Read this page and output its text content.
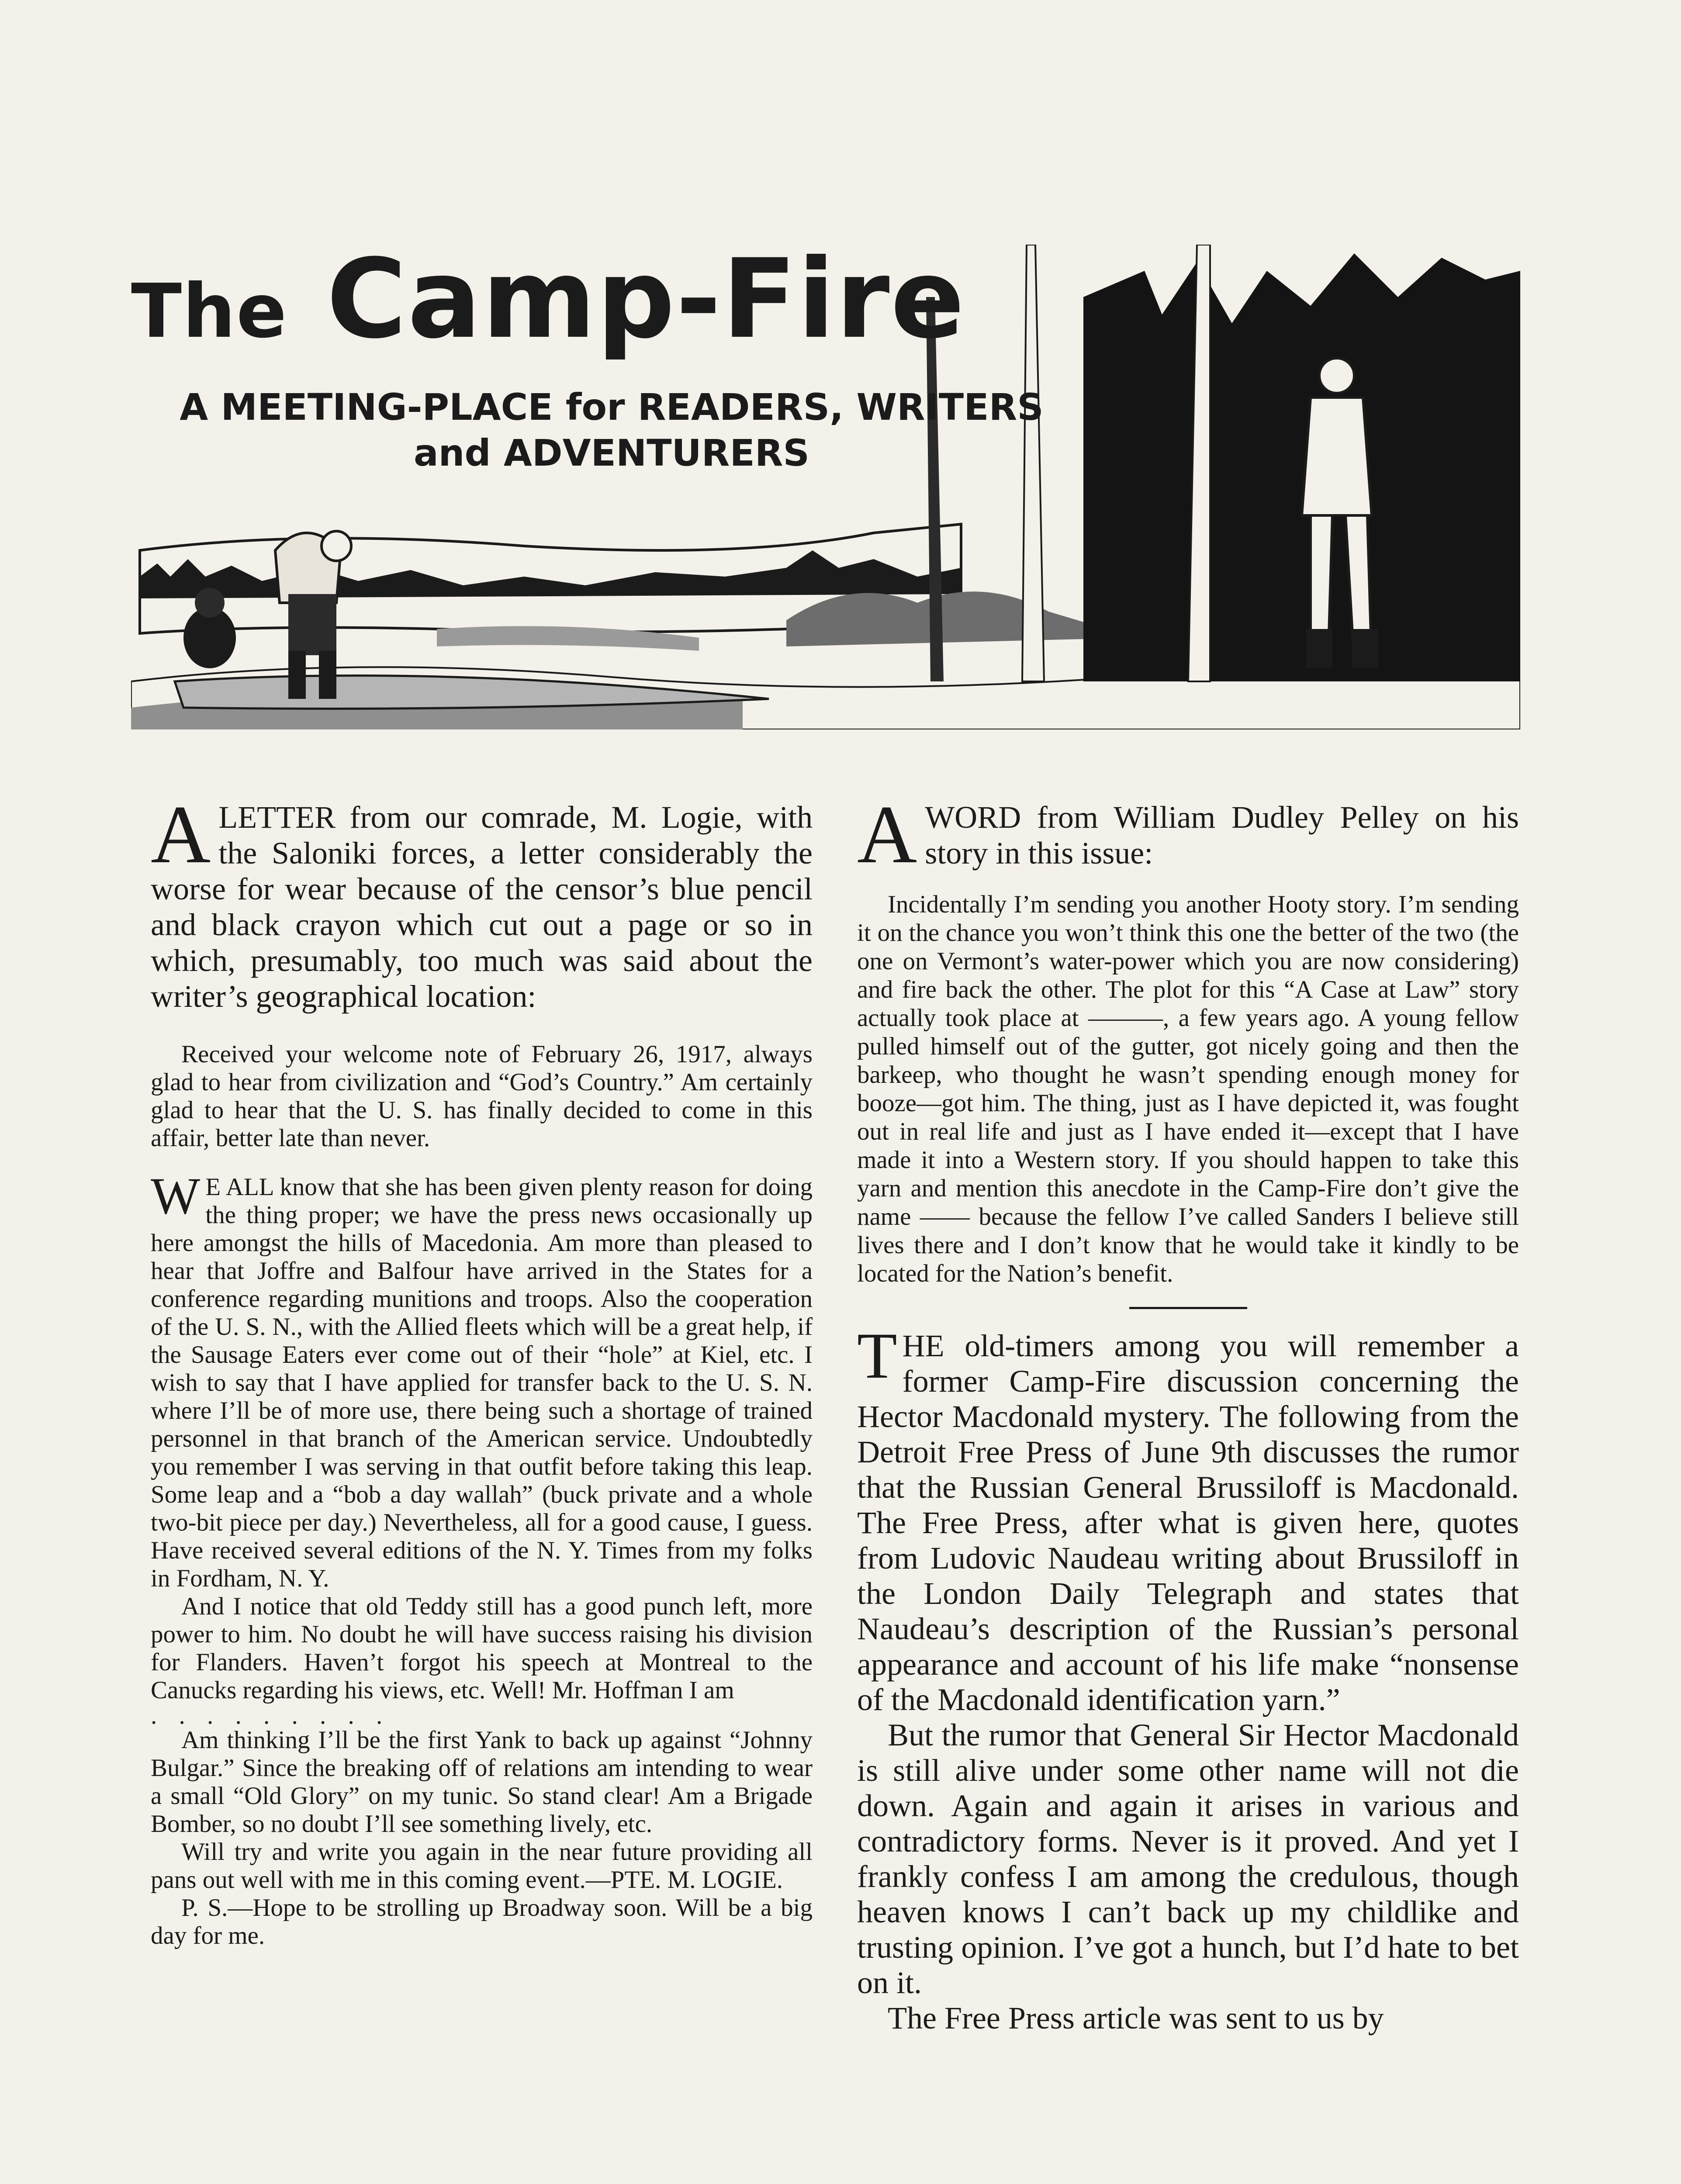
The Camp-Fire
A MEETING-PLACE for READERS, WRITERS
and ADVENTURERS

ALETTER from our comrade, M. Logie, with the Saloniki forces, a letter considerably the worse for wear because of the censor’s blue pencil and black crayon which cut out a page or so in which, presumably, too much was said about the writer’s geographical location:

Received your welcome note of February 26, 1917, always glad to hear from civilization and “God’s Country.” Am certainly glad to hear that the U. S. has finally decided to come in this affair, better late than never.

W E ALL know that she has been given plenty reason for doing the thing proper; we have the press news occasionally up here amongst the hills of Macedonia. Am more than pleased to hear that Joffre and Balfour have arrived in the States for a conference regarding munitions and troops. Also the cooperation of the U. S. N., with the Allied fleets which will be a great help, if the Sausage Eaters ever come out of their “hole” at Kiel, etc. I wish to say that I have applied for transfer back to the U. S. N. where I’ll be of more use, there being such a shortage of trained personnel in that branch of the American service. Undoubtedly you remember I was serving in that outfit before taking this leap. Some leap and a “bob a day wallah” (buck private and a whole two-bit piece per day.) Nevertheless, all for a good cause, I guess. Have received several editions of the N. Y. Times from my folks in Fordham, N. Y.

And I notice that old Teddy still has a good punch left, more power to him. No doubt he will have success raising his division for Flanders. Haven’t forgot his speech at Montreal to the Canucks regarding his views, etc. Well! Mr. Hoffman I am

. . . . . . . . .

Am thinking I’ll be the first Yank to back up against “Johnny Bulgar.” Since the breaking off of relations am intending to wear a small “Old Glory” on my tunic. So stand clear! Am a Brigade Bomber, so no doubt I’ll see something lively, etc.

Will try and write you again in the near future providing all pans out well with me in this coming event.—PTE. M. LOGIE.

P. S.—Hope to be strolling up Broadway soon. Will be a big day for me.

AWORD from William Dudley Pelley on his story in this issue:

Incidentally I’m sending you another Hooty story. I’m sending it on the chance you won’t think this one the better of the two (the one on Vermont’s water-power which you are now considering) and fire back the other. The plot for this “A Case at Law” story actually took place at ———, a few years ago. A young fellow pulled himself out of the gutter, got nicely going and then the barkeep, who thought he wasn’t spending enough money for booze—got him. The thing, just as I have depicted it, was fought out in real life and just as I have ended it—except that I have made it into a Western story. If you should happen to take this yarn and mention this anecdote in the Camp-Fire don’t give the name —— because the fellow I’ve called Sanders I believe still lives there and I don’t know that he would take it kindly to be located for the Nation’s benefit.

THE old-timers among you will remember a former Camp-Fire discussion concerning the Hector Macdonald mystery. The following from the Detroit Free Press of June 9th discusses the rumor that the Russian General Brussiloff is Macdonald. The Free Press, after what is given here, quotes from Ludovic Naudeau writing about Brussiloff in the London Daily Telegraph and states that Naudeau’s description of the Russian’s personal appearance and account of his life make “nonsense of the Macdonald identification yarn.”

But the rumor that General Sir Hector Macdonald is still alive under some other name will not die down. Again and again it arises in various and contradictory forms. Never is it proved. And yet I frankly confess I am among the credulous, though heaven knows I can’t back up my childlike and trusting opinion. I’ve got a hunch, but I’d hate to bet on it.

The Free Press article was sent to us by
